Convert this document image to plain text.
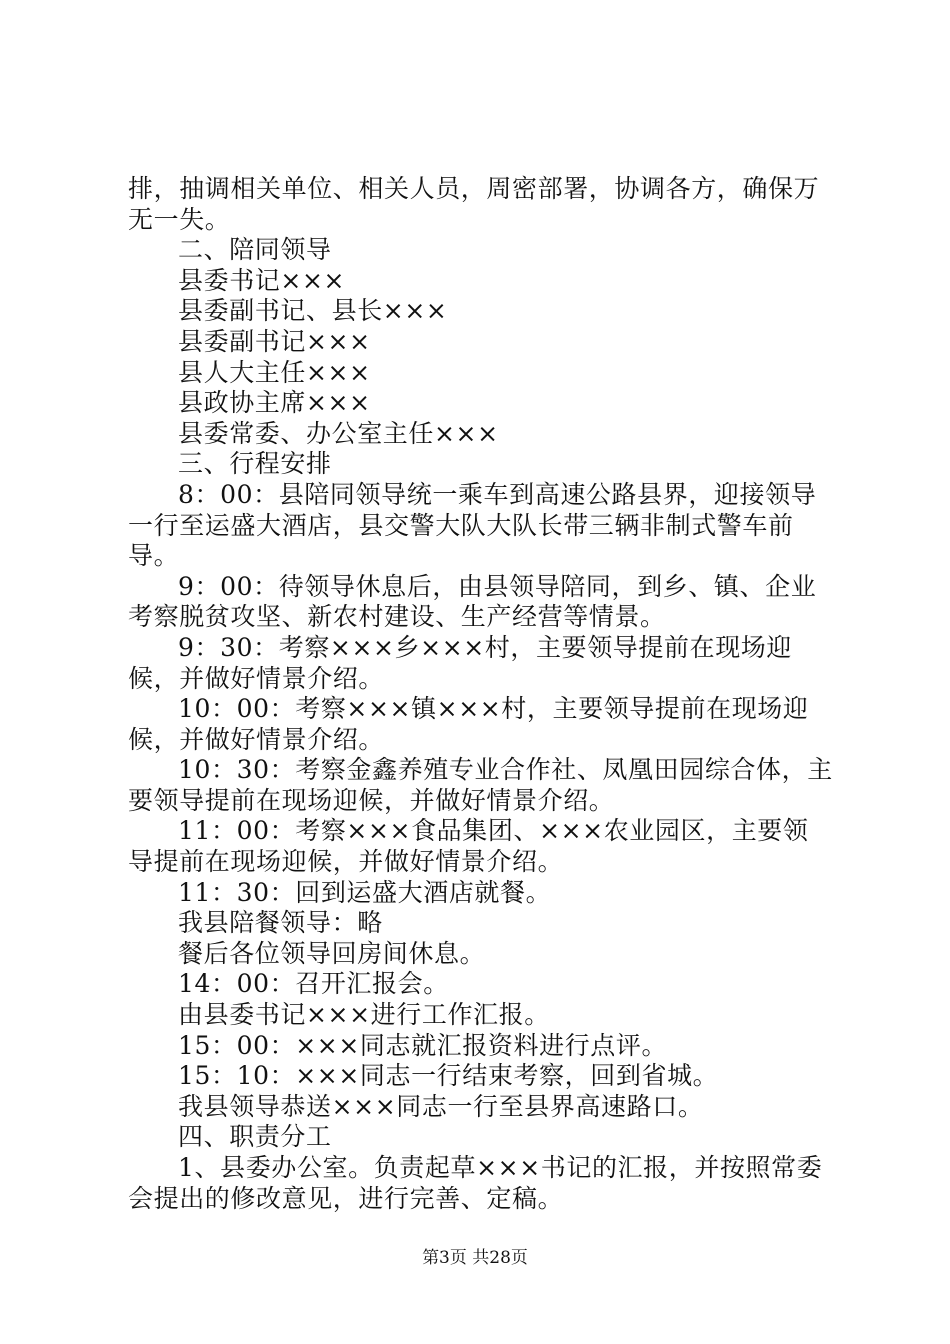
排，抽调相关单位、相关人员，周密部署，协调各方，确保万无一失。

二、陪同领导

县委书记×××

县委副书记、县长×××

县委副书记×××

县人大主任×××

县政协主席×××

县委常委、办公室主任×××

三、行程安排

8：00：县陪同领导统一乘车到高速公路县界，迎接领导一行至运盛大酒店，县交警大队大队长带三辆非制式警车前导。

9：00：待领导休息后，由县领导陪同，到乡、镇、企业考察脱贫攻坚、新农村建设、生产经营等情景。

9：30：考察×××乡×××村，主要领导提前在现场迎候，并做好情景介绍。

10：00：考察×××镇×××村，主要领导提前在现场迎候，并做好情景介绍。

10：30：考察金鑫养殖专业合作社、凤凰田园综合体，主要领导提前在现场迎候，并做好情景介绍。

11：00：考察×××食品集团、×××农业园区，主要领导提前在现场迎候，并做好情景介绍。

11：30：回到运盛大酒店就餐。

我县陪餐领导：略

餐后各位领导回房间休息。

14：00：召开汇报会。

由县委书记×××进行工作汇报。

15：00：×××同志就汇报资料进行点评。

15：10：×××同志一行结束考察，回到省城。

我县领导恭送×××同志一行至县界高速路口。

四、职责分工

1、县委办公室。负责起草×××书记的汇报，并按照常委会提出的修改意见，进行完善、定稿。

第3页 共28页
